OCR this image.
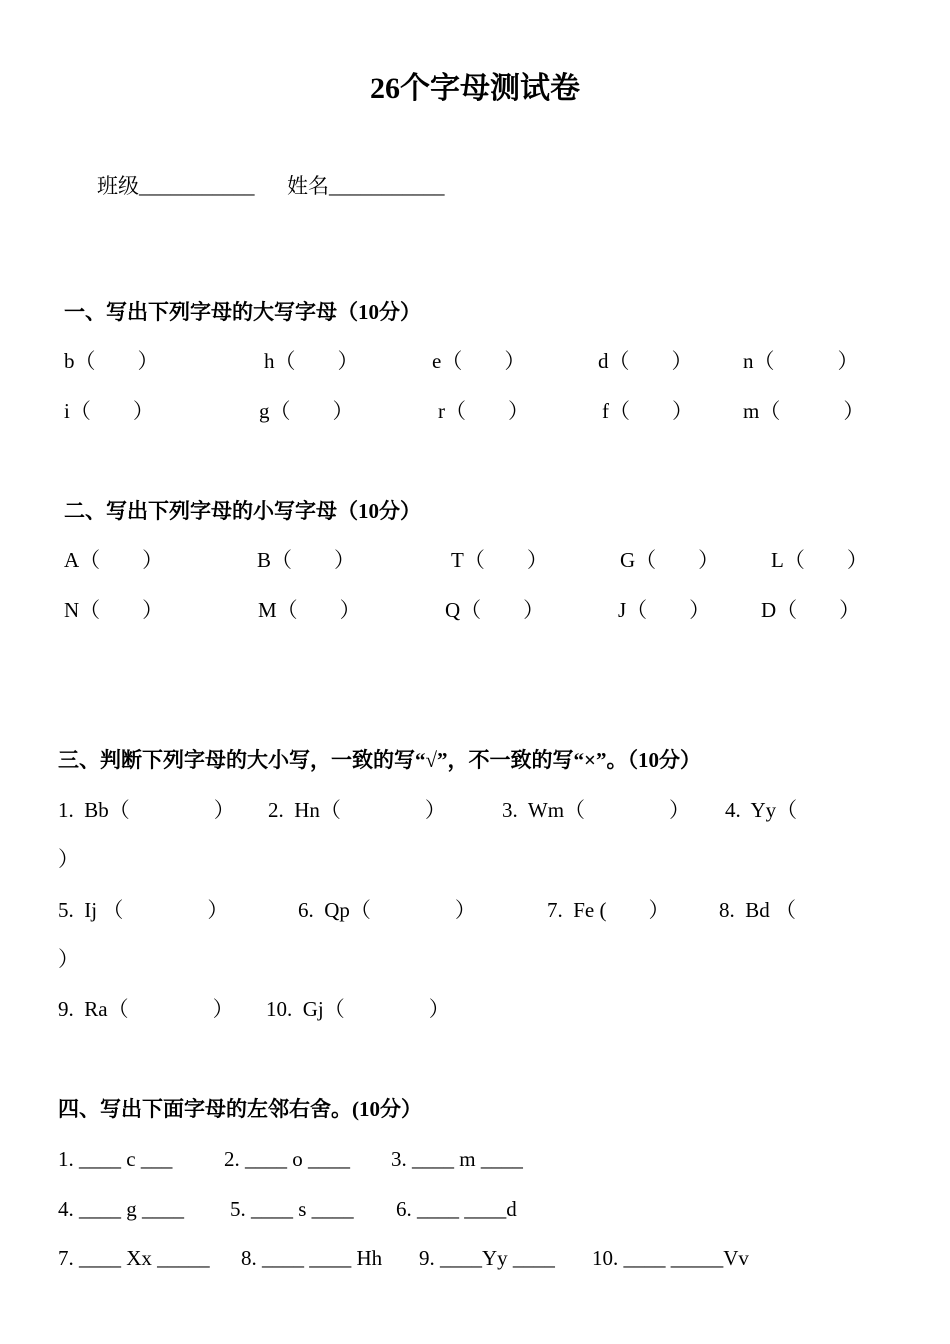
26个字母测试卷
班级___________ 姓名___________
一、写出下列字母的大写字母（10分）
b（　　）	h（　　）	e（　　）	d（　　） n（　　　）
i（　　）	g（　　）	r（　　）	f（　　） m（　　　）
二、写出下列字母的小写字母（10分）
A（　　）	B（　　）	T（　　）	G（　　） L（　　）
N（　　）	M（　　）	Q（　　）	J（　　） D（　　）
三、判断下列字母的大小写，一致的写“√”，不一致的写“×”。（10分）
1.  Bb（　　　　） 2.  Hn（　　　　）	3.  Wm（　　　　） 4.  Yy（
）
5.  Ij （　　　　）	6.  Qp（　　　　）	7.  Fe (　　） 8.  Bd （
）
9.  Ra（　　　　） 10.  Gj（　　　　）
四、写出下面字母的左邻右舍。(10分）
1. ____ c ___ 2. ____ o ____ 3. ____ m ____
4. ____ g ____ 5. ____ s ____ 6. ____ ____d
7. ____ Xx _____ 8. ____ ____ Hh 9. ____Yy ____ 10. ____ _____Vv
